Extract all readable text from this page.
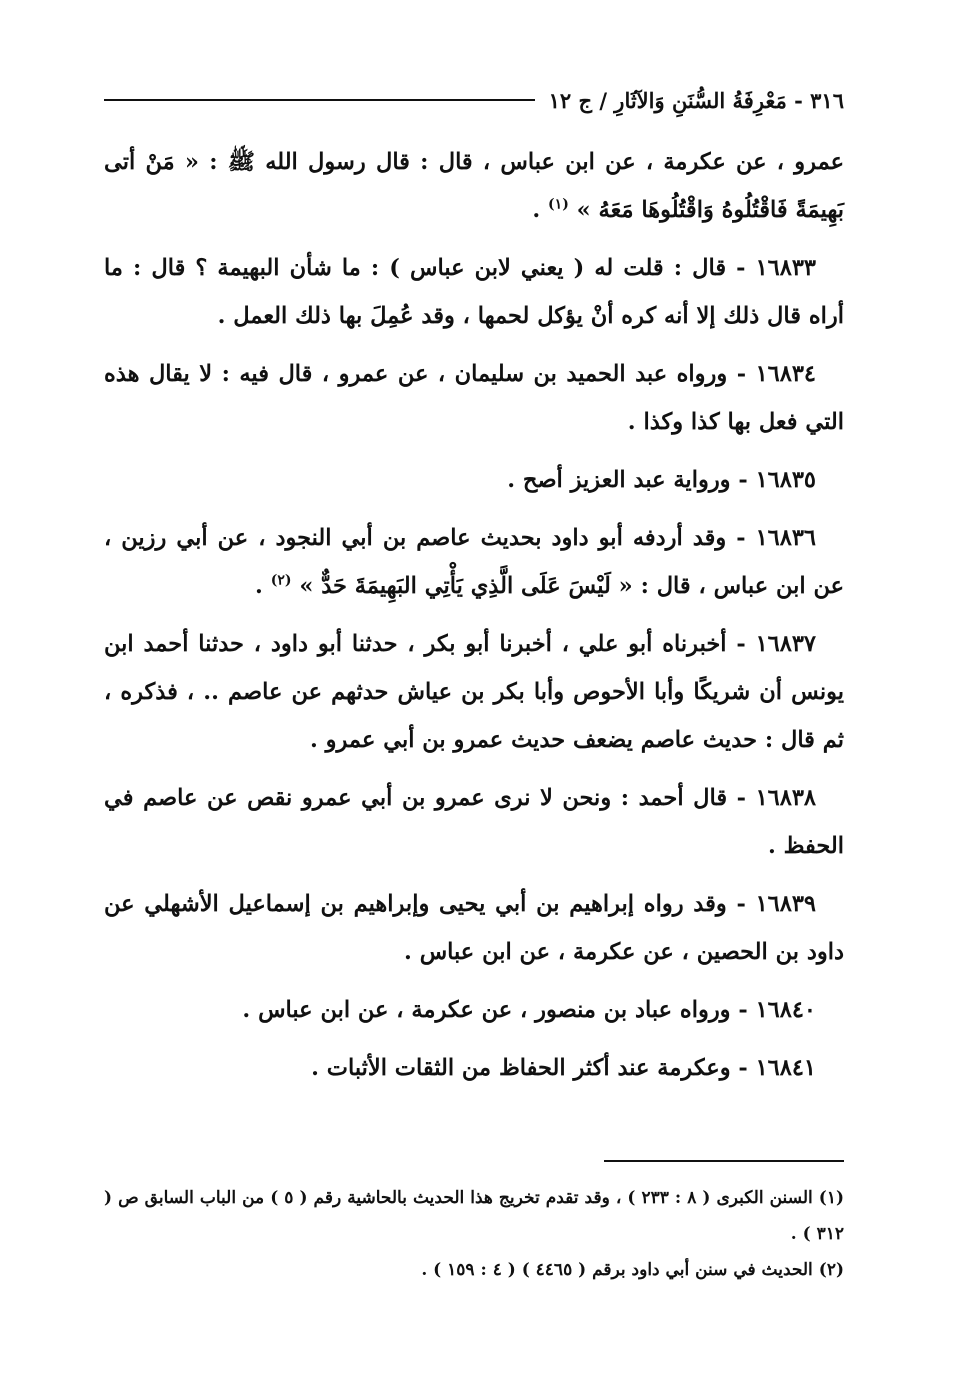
٣١٦ - مَعْرِفَةُ السُّنَنِ وَالآثَارِ / ج ١٢

عمرو ، عن عكرمة ، عن ابن عباس ، قال : قال رسول الله ﷺ : « مَنْ أتى بَهِيمَةً فَاقْتُلُوهُ وَاقْتُلُوهَا مَعَهُ » $^{(١)}$ .

١٦٨٣٣ - قال : قلت له ( يعني لابن عباس ) : ما شأن البهيمة ؟ قال : ما أراه قال ذلك إلا أنه كره أنْ يؤكل لحمها ، وقد عُمِلَ بها ذلك العمل .

١٦٨٣٤ - ورواه عبد الحميد بن سليمان ، عن عمرو ، قال فيه : لا يقال هذه التي فعل بها كذا وكذا .

١٦٨٣٥ - ورواية عبد العزيز أصح .

١٦٨٣٦ - وقد أردفه أبو داود بحديث عاصم بن أبي النجود ، عن أبي رزين ، عن ابن عباس ، قال : « لَيْسَ عَلَى الَّذِي يَأْتِي البَهِيمَةَ حَدٌّ » $^{(٢)}$ .

١٦٨٣٧ - أخبرناه أبو علي ، أخبرنا أبو بكر ، حدثنا أبو داود ، حدثنا أحمد ابن يونس أن شريكًا وأبا الأحوص وأبا بكر بن عياش حدثهم عن عاصم .. ، فذكره ، ثم قال : حديث عاصم يضعف حديث عمرو بن أبي عمرو .

١٦٨٣٨ - قال أحمد : ونحن لا نرى عمرو بن أبي عمرو نقص عن عاصم في الحفظ .

١٦٨٣٩ - وقد رواه إبراهيم بن أبي يحيى وإبراهيم بن إسماعيل الأشهلي عن داود بن الحصين ، عن عكرمة ، عن ابن عباس .

١٦٨٤٠ - ورواه عباد بن منصور ، عن عكرمة ، عن ابن عباس .

١٦٨٤١ - وعكرمة عند أكثر الحفاظ من الثقات الأثبات .

(١)السنن الكبرى ( ٨ : ٢٣٣ ) ، وقد تقدم تخريج هذا الحديث بالحاشية رقم ( ٥ ) من الباب السابق ص ( ٣١٢ ) .

(٢)الحديث في سنن أبي داود برقم ( ٤٤٦٥ ) ( ٤ : ١٥٩ ) .
